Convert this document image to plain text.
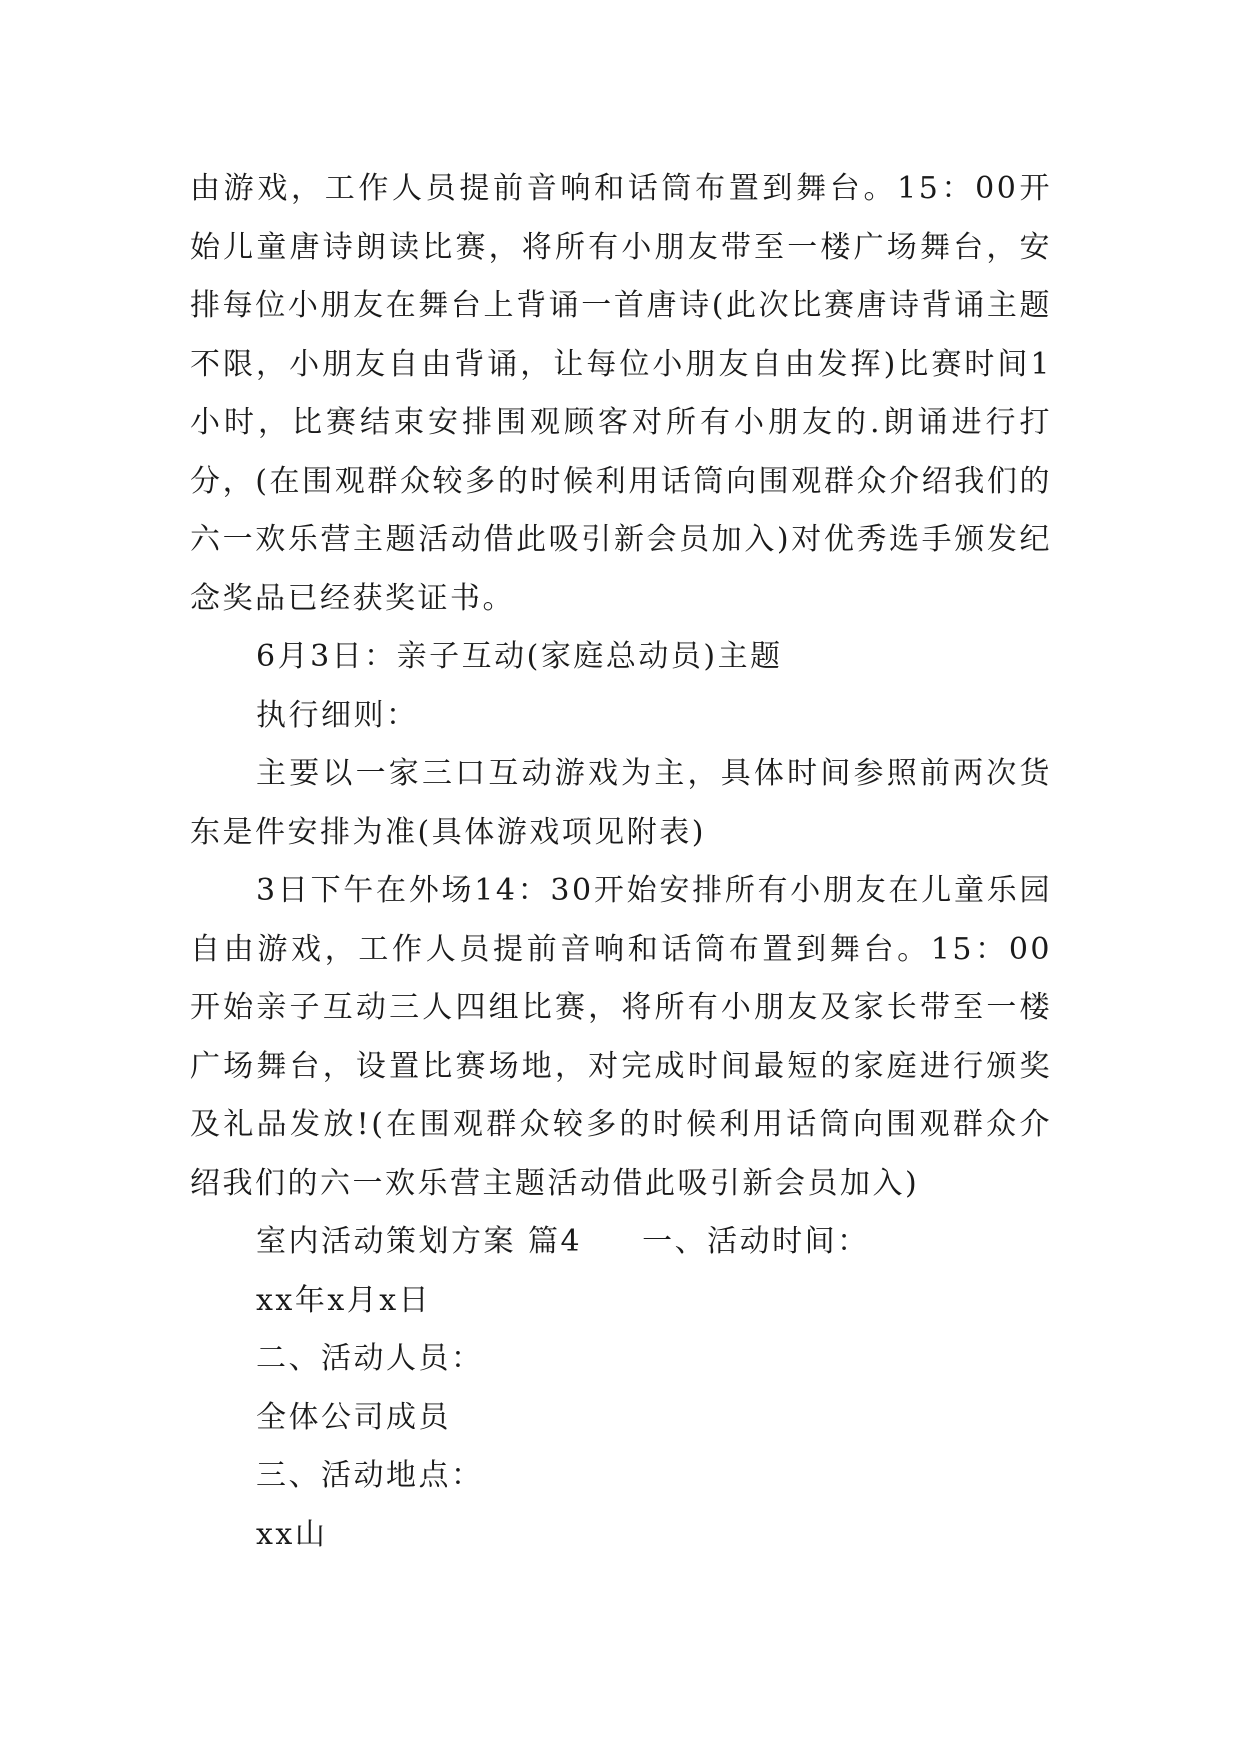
由游戏，工作人员提前音响和话筒布置到舞台。15：00开始儿童唐诗朗读比赛，将所有小朋友带至一楼广场舞台，安排每位小朋友在舞台上背诵一首唐诗(此次比赛唐诗背诵主题不限，小朋友自由背诵，让每位小朋友自由发挥)比赛时间1小时，比赛结束安排围观顾客对所有小朋友的.朗诵进行打分，(在围观群众较多的时候利用话筒向围观群众介绍我们的六一欢乐营主题活动借此吸引新会员加入)对优秀选手颁发纪念奖品已经获奖证书。

6月3日：亲子互动(家庭总动员)主题

执行细则：

主要以一家三口互动游戏为主，具体时间参照前两次货东是件安排为准(具体游戏项见附表)

3日下午在外场14：30开始安排所有小朋友在儿童乐园自由游戏，工作人员提前音响和话筒布置到舞台。15：00开始亲子互动三人四组比赛，将所有小朋友及家长带至一楼广场舞台，设置比赛场地，对完成时间最短的家庭进行颁奖及礼品发放!(在围观群众较多的时候利用话筒向围观群众介绍我们的六一欢乐营主题活动借此吸引新会员加入)

室内活动策划方案 篇4 一、活动时间：

xx年x月x日

二、活动人员：

全体公司成员

三、活动地点：

xx山
